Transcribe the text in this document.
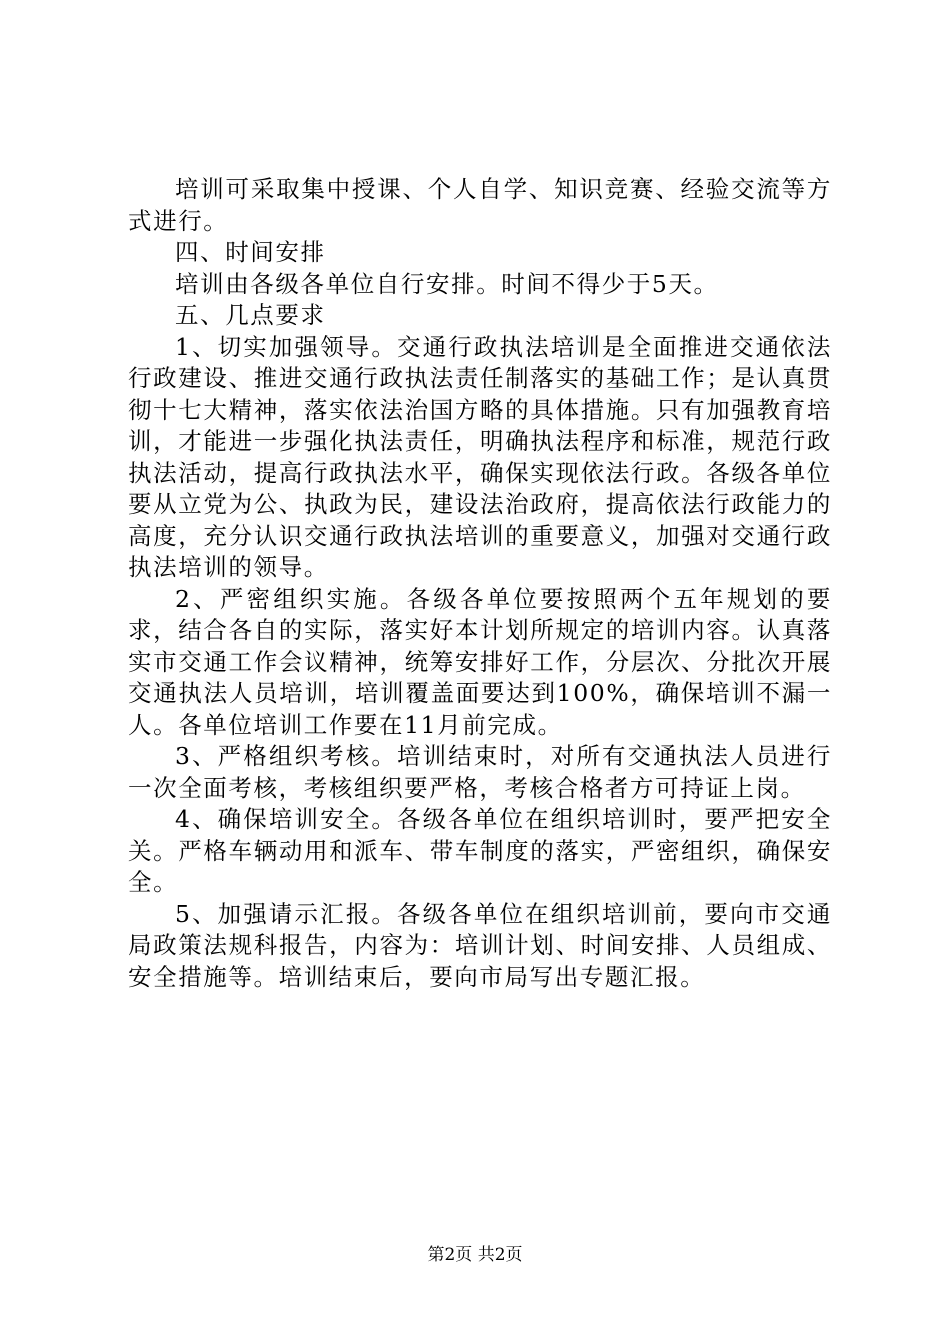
培训可采取集中授课、个人自学、知识竞赛、经验交流等方式进行。

四、时间安排

培训由各级各单位自行安排。时间不得少于5天。

五、几点要求

1、切实加强领导。交通行政执法培训是全面推进交通依法行政建设、推进交通行政执法责任制落实的基础工作；是认真贯彻十七大精神，落实依法治国方略的具体措施。只有加强教育培训，才能进一步强化执法责任，明确执法程序和标准，规范行政执法活动，提高行政执法水平，确保实现依法行政。各级各单位要从立党为公、执政为民，建设法治政府，提高依法行政能力的高度，充分认识交通行政执法培训的重要意义，加强对交通行政执法培训的领导。

2、严密组织实施。各级各单位要按照两个五年规划的要求，结合各自的实际，落实好本计划所规定的培训内容。认真落实市交通工作会议精神，统筹安排好工作，分层次、分批次开展交通执法人员培训，培训覆盖面要达到100%，确保培训不漏一人。各单位培训工作要在11月前完成。

3、严格组织考核。培训结束时，对所有交通执法人员进行一次全面考核，考核组织要严格，考核合格者方可持证上岗。

4、确保培训安全。各级各单位在组织培训时，要严把安全关。严格车辆动用和派车、带车制度的落实，严密组织，确保安全。

5、加强请示汇报。各级各单位在组织培训前，要向市交通局政策法规科报告，内容为：培训计划、时间安排、人员组成、安全措施等。培训结束后，要向市局写出专题汇报。

第2页 共2页
